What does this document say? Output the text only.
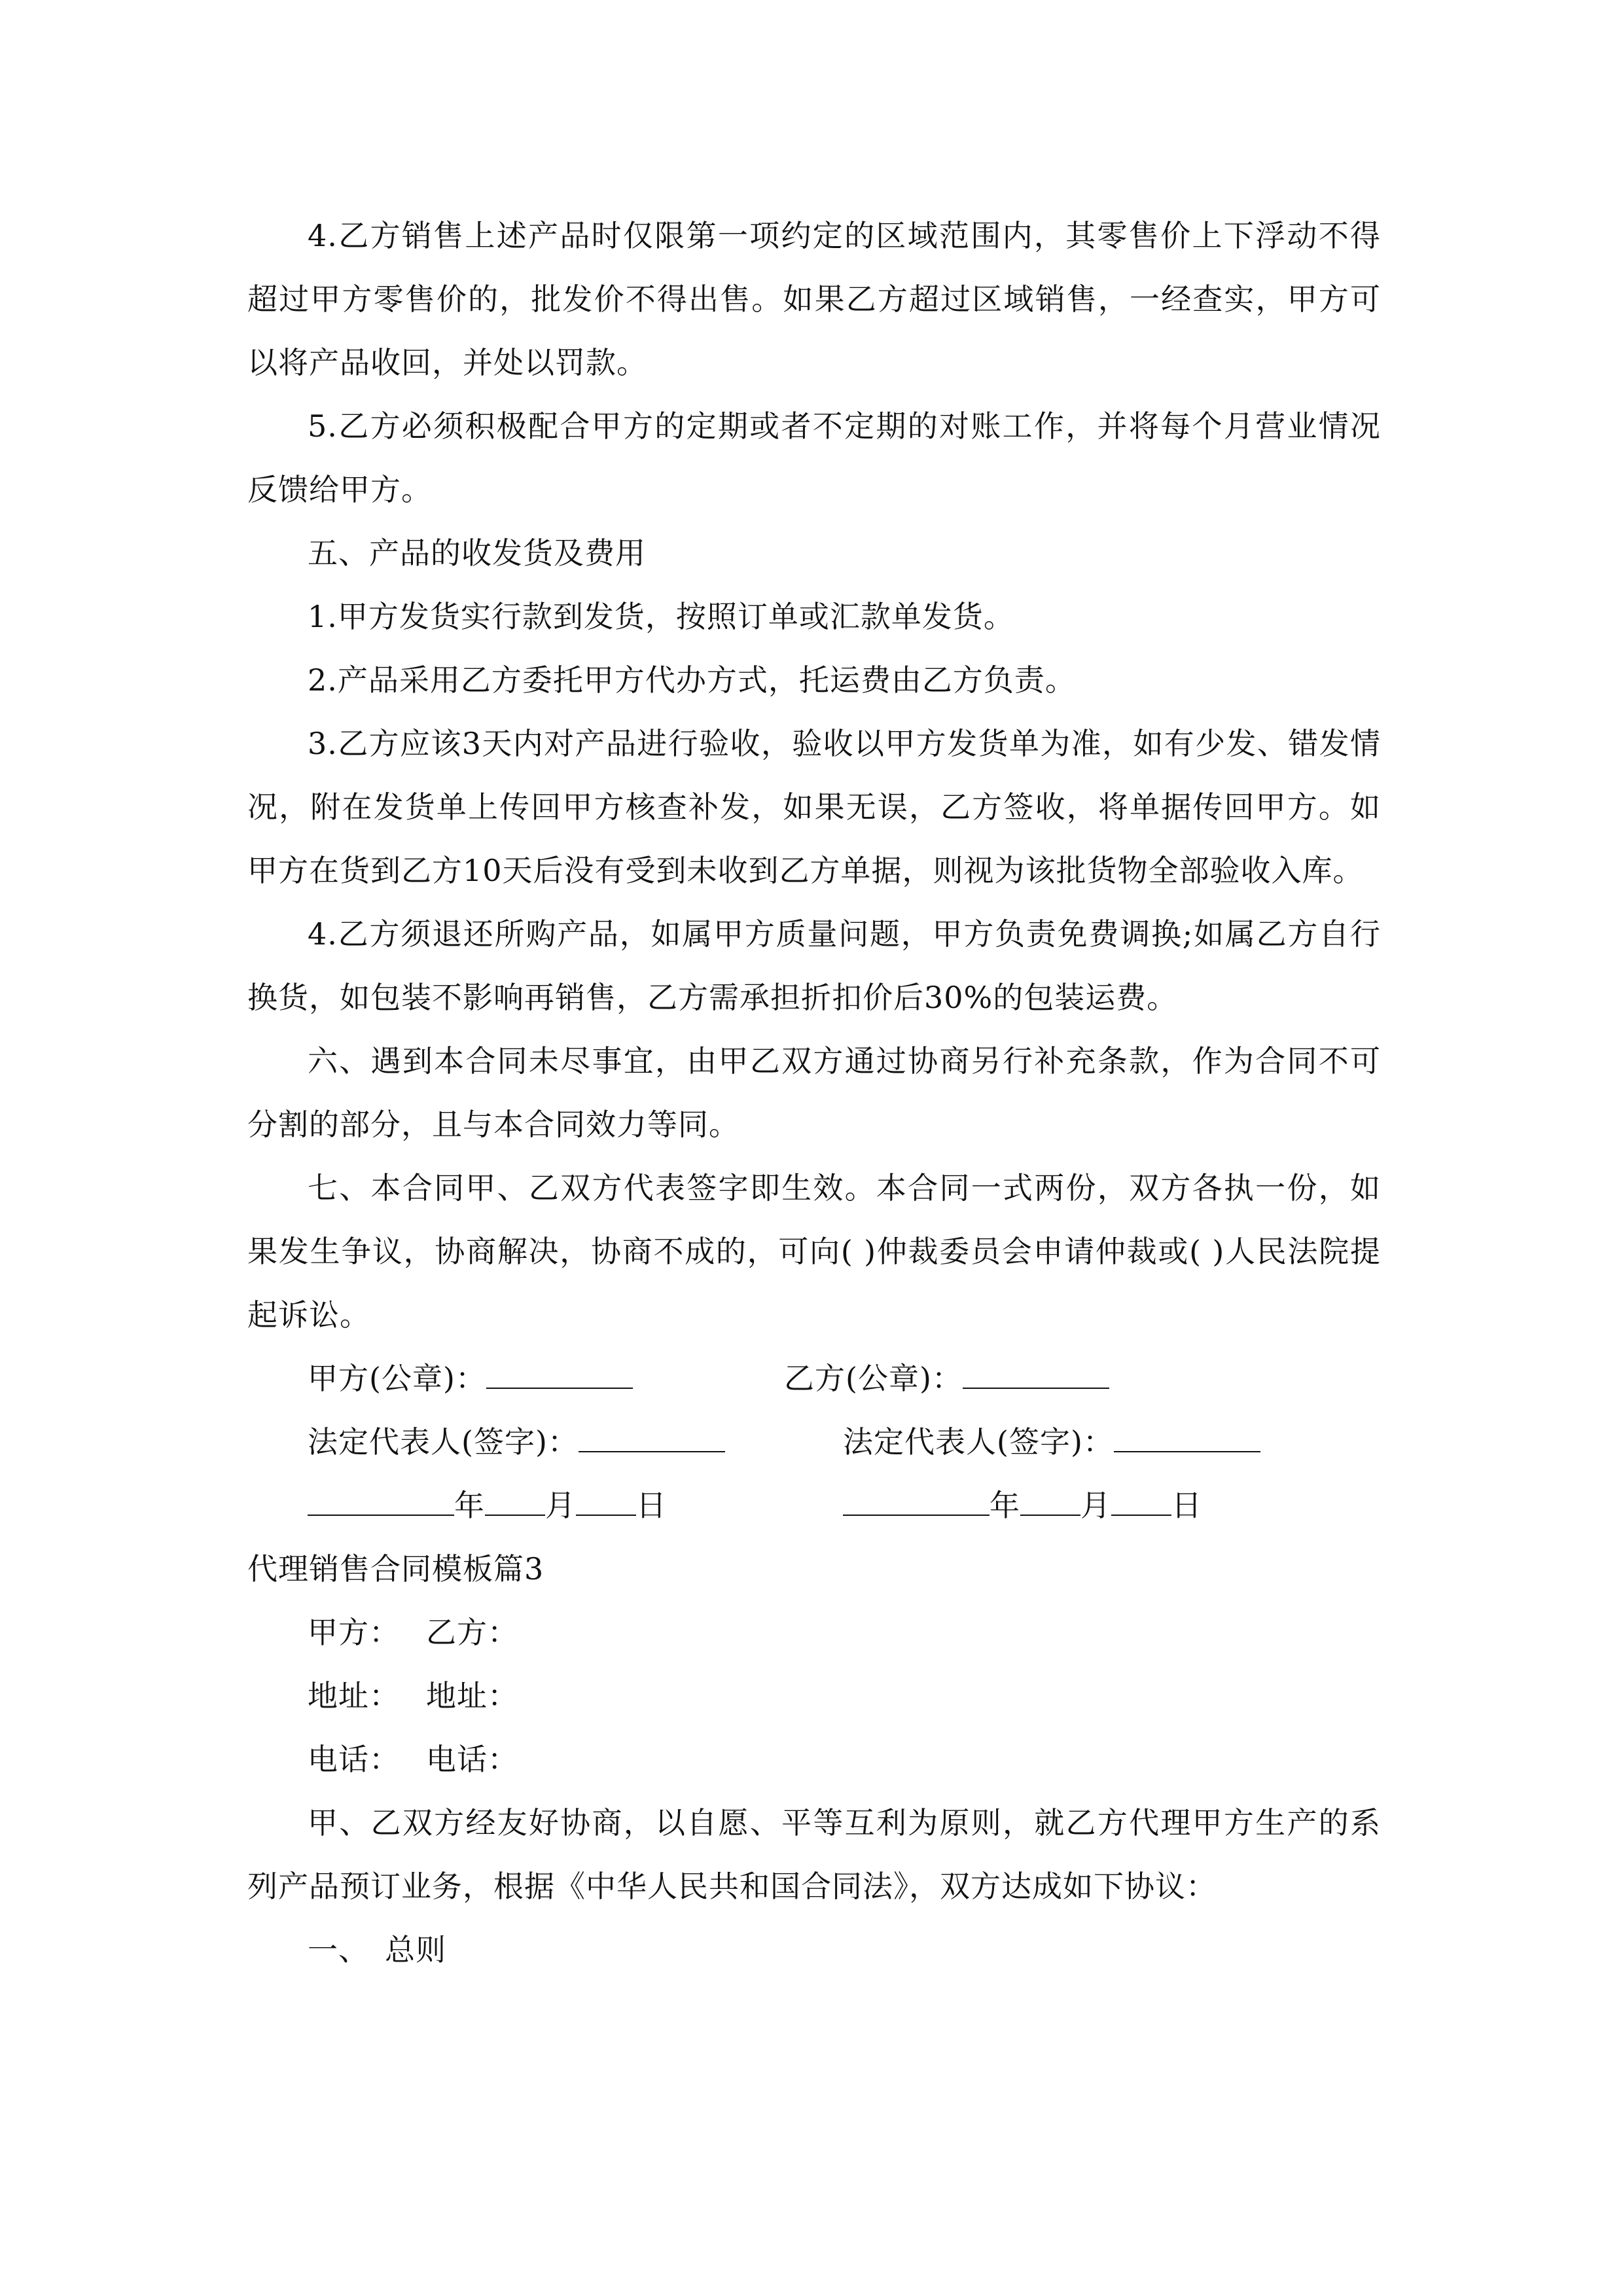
4.乙方销售上述产品时仅限第一项约定的区域范围内，其零售价上下浮动不得超过甲方零售价的，批发价不得出售。如果乙方超过区域销售，一经查实，甲方可以将产品收回，并处以罚款。

5.乙方必须积极配合甲方的定期或者不定期的对账工作，并将每个月营业情况反馈给甲方。

五、产品的收发货及费用

1.甲方发货实行款到发货，按照订单或汇款单发货。

2.产品采用乙方委托甲方代办方式，托运费由乙方负责。

3.乙方应该3天内对产品进行验收，验收以甲方发货单为准，如有少发、错发情况，附在发货单上传回甲方核查补发，如果无误，乙方签收，将单据传回甲方。如甲方在货到乙方10天后没有受到未收到乙方单据，则视为该批货物全部验收入库。

4.乙方须退还所购产品，如属甲方质量问题，甲方负责免费调换;如属乙方自行换货，如包装不影响再销售，乙方需承担折扣价后30%的包装运费。

六、遇到本合同未尽事宜，由甲乙双方通过协商另行补充条款，作为合同不可分割的部分，且与本合同效力等同。

七、本合同甲、乙双方代表签字即生效。本合同一式两份，双方各执一份，如果发生争议，协商解决，协商不成的，可向( )仲裁委员会申请仲裁或( )人民法院提起诉讼。

甲方(公章)：	乙方(公章)：
法定代表人(签字)：	法定代表人(签字)：
年 月 日	年 月 日

代理销售合同模板篇3

甲方： 乙方：

地址： 地址：

电话： 电话：

甲、乙双方经友好协商，以自愿、平等互利为原则，就乙方代理甲方生产的系列产品预订业务，根据《中华人民共和国合同法》，双方达成如下协议：

一、　总则
